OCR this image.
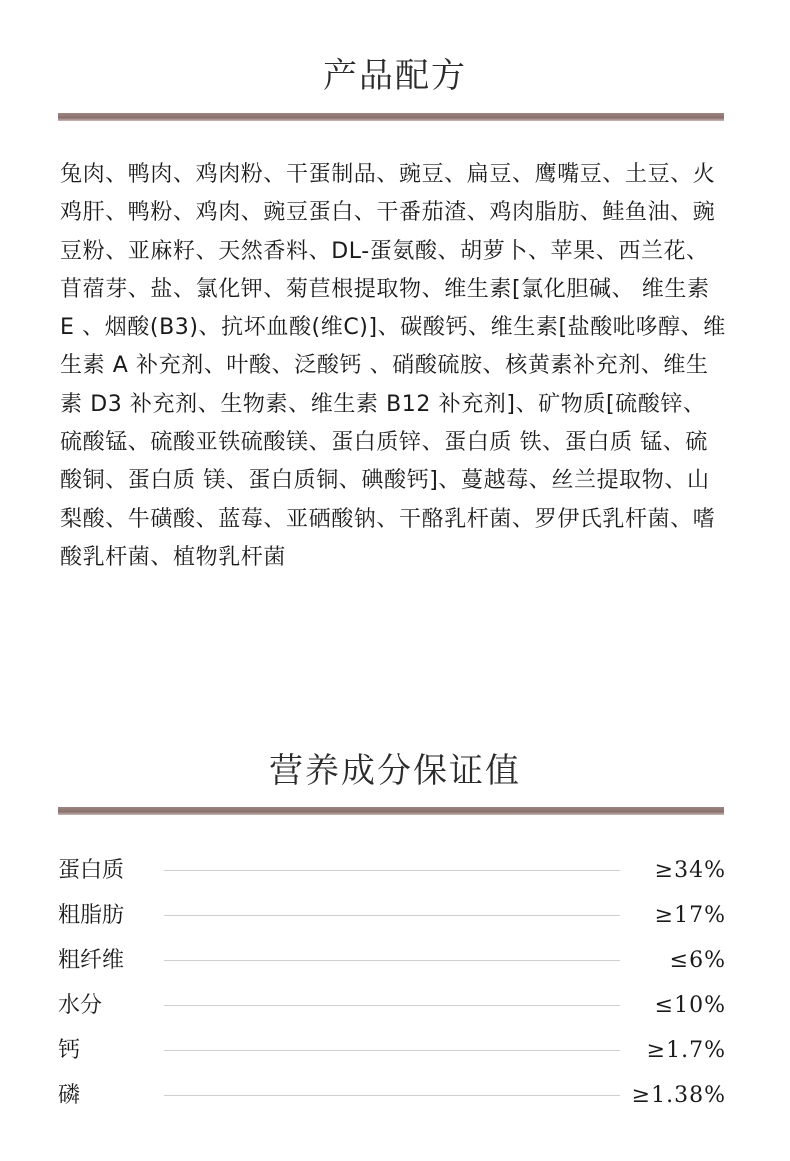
产品配方

兔肉、鸭肉、鸡肉粉、干蛋制品、豌豆、扁豆、鹰嘴豆、土豆、火鸡肝、鸭粉、鸡肉、豌豆蛋白、干番茄渣、鸡肉脂肪、鲑鱼油、豌豆粉、亚麻籽、天然香料、DL-蛋氨酸、胡萝卜、苹果、西兰花、苜蓿芽、盐、氯化钾、菊苣根提取物、维生素[氯化胆碱、 维生素 E 、烟酸(B3)、抗坏血酸(维C)]、碳酸钙、维生素[盐酸吡哆醇、维生素 A 补充剂、叶酸、泛酸钙 、硝酸硫胺、核黄素补充剂、维生素 D3 补充剂、生物素、维生素 B12 补充剂]、矿物质[硫酸锌、硫酸锰、硫酸亚铁硫酸镁、蛋白质锌、蛋白质 铁、蛋白质 锰、硫酸铜、蛋白质 镁、蛋白质铜、碘酸钙]、蔓越莓、丝兰提取物、山梨酸、牛磺酸、蓝莓、亚硒酸钠、干酪乳杆菌、罗伊氏乳杆菌、嗜酸乳杆菌、植物乳杆菌

营养成分保证值
蛋白质	≥34%
粗脂肪	≥17%
粗纤维	≤6%
水分	≤10%
钙	≥1.7%
磷	≥1.38%
